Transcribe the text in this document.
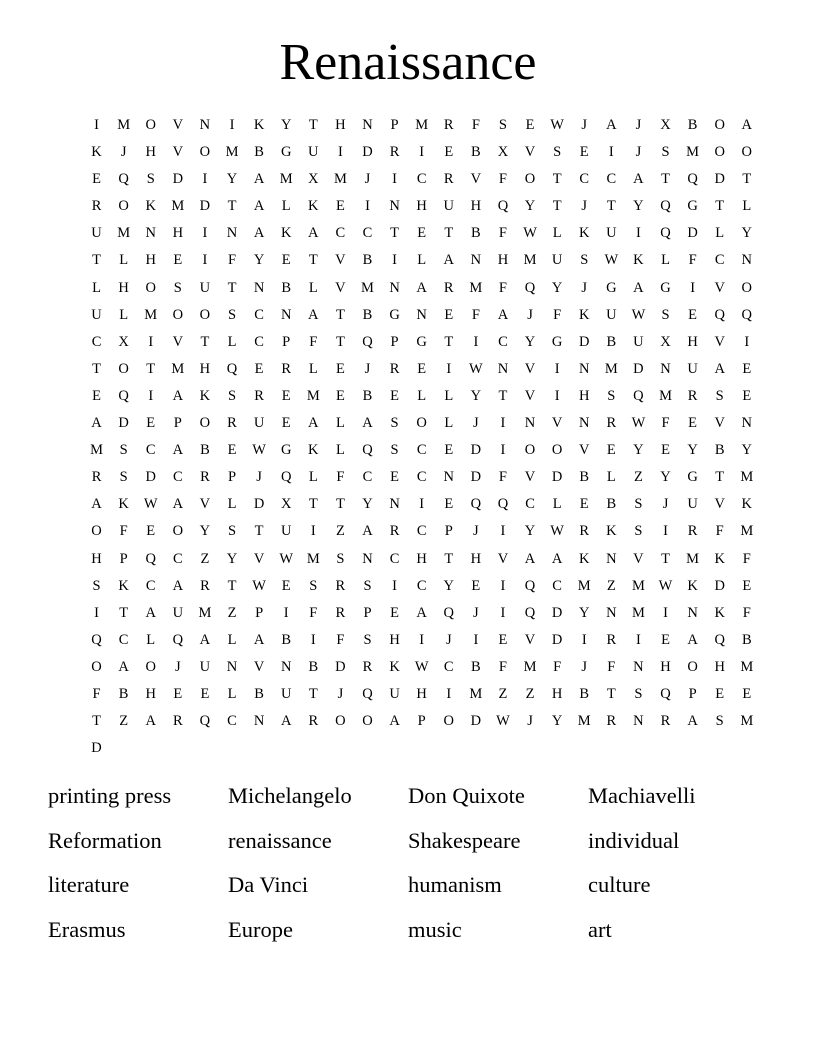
Renaissance
I	M	O	V	N	I	K	Y	T	H	N	P	M	R	F	S	E	W	J	A	J	X	B	O	A
K	J	H	V	O	M	B	G	U	I	D	R	I	E	B	X	V	S	E	I	J	S	M	O	O
E	Q	S	D	I	Y	A	M	X	M	J	I	C	R	V	F	O	T	C	C	A	T	Q	D	T
R	O	K	M	D	T	A	L	K	E	I	N	H	U	H	Q	Y	T	J	T	Y	Q	G	T	L
U	M	N	H	I	N	A	K	A	C	C	T	E	T	B	F	W	L	K	U	I	Q	D	L	Y
T	L	H	E	I	F	Y	E	T	V	B	I	L	A	N	H	M	U	S	W	K	L	F	C	N
L	H	O	S	U	T	N	B	L	V	M	N	A	R	M	F	Q	Y	J	G	A	G	I	V	O
U	L	M	O	O	S	C	N	A	T	B	G	N	E	F	A	J	F	K	U	W	S	E	Q	Q
C	X	I	V	T	L	C	P	F	T	Q	P	G	T	I	C	Y	G	D	B	U	X	H	V	I
T	O	T	M	H	Q	E	R	L	E	J	R	E	I	W	N	V	I	N	M	D	N	U	A	E
E	Q	I	A	K	S	R	E	M	E	B	E	L	L	Y	T	V	I	H	S	Q	M	R	S	E
A	D	E	P	O	R	U	E	A	L	A	S	O	L	J	I	N	V	N	R	W	F	E	V	N
M	S	C	A	B	E	W	G	K	L	Q	S	C	E	D	I	O	O	V	E	Y	E	Y	B	Y
R	S	D	C	R	P	J	Q	L	F	C	E	C	N	D	F	V	D	B	L	Z	Y	G	T	M
A	K	W	A	V	L	D	X	T	T	Y	N	I	E	Q	Q	C	L	E	B	S	J	U	V	K
O	F	E	O	Y	S	T	U	I	Z	A	R	C	P	J	I	Y	W	R	K	S	I	R	F	M
H	P	Q	C	Z	Y	V	W M	S	N	C	H	T	H	V	A	A	K	N	V	T	M	K	F
S	K	C	A	R	T	W	E	S	R	S	I	C	Y	E	I	Q	C	M	Z	M W	K	D	E
I	T	A	U	M	Z	P	I	F	R	P	E	A	Q	J	I	Q	D	Y	N	M	I	N	K	F
Q	C	L	Q	A	L	A	B	I	F	S	H	I	J	I	E	V	D	I	R	I	E	A	Q	B
O	A	O	J	U	N	V	N	B	D	R	K	W	C	B	F	M	F	J	F	N	H	O	H	M
F	B	H	E	E	L	B	U	T	J	Q	U	H	I	M	Z	Z	H	B	T	S	Q	P	E	E
T	Z	A	R	Q	C	N	A	R	O	O	A	P	O	D	W	J	Y	M	R	N	R	A	S	M
D
printing press	Michelangelo	Don Quixote	Machiavelli
Reformation	renaissance	Shakespeare	individual
literature	Da Vinci	humanism	culture
Erasmus	Europe	music	art
